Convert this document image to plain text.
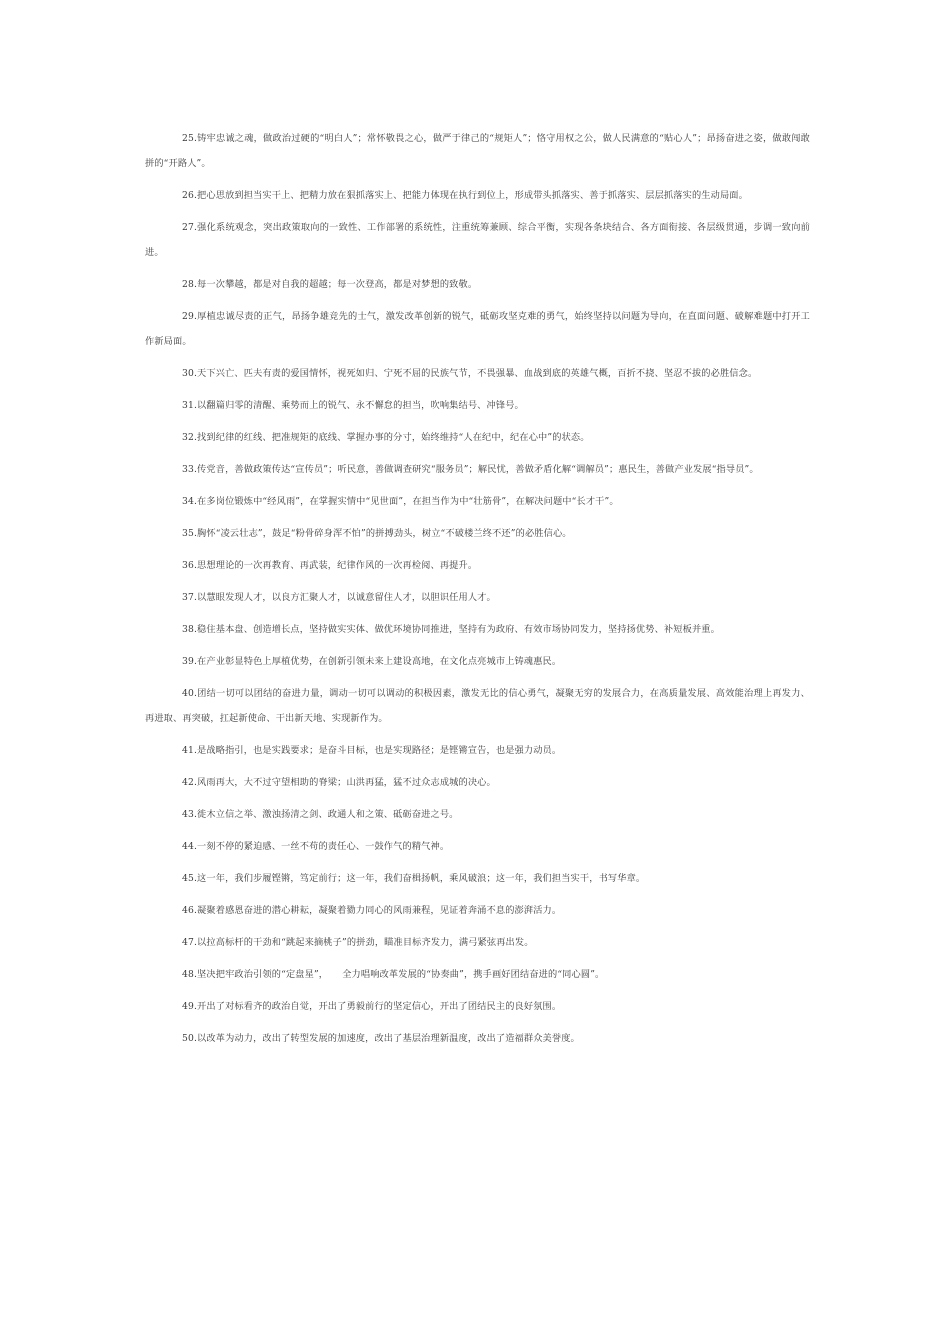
25.铸牢忠诚之魂，做政治过硬的“明白人”；常怀敬畏之心，做严于律己的“规矩人”；恪守用权之公，做人民满意的“贴心人”；昂扬奋进之姿，做敢闯敢拼的“开路人”。

26.把心思放到担当实干上、把精力放在狠抓落实上、把能力体现在执行到位上，形成带头抓落实、善于抓落实、层层抓落实的生动局面。

27.强化系统观念，突出政策取向的一致性、工作部署的系统性，注重统筹兼顾、综合平衡，实现各条块结合、各方面衔接、各层级贯通，步调一致向前进。

28.每一次攀越，都是对自我的超越；每一次登高，都是对梦想的致敬。

29.厚植忠诚尽责的正气，昂扬争雄竞先的士气，激发改革创新的锐气，砥砺攻坚克难的勇气，始终坚持以问题为导向，在直面问题、破解难题中打开工作新局面。

30.天下兴亡、匹夫有责的爱国情怀，视死如归、宁死不屈的民族气节，不畏强暴、血战到底的英雄气概，百折不挠、坚忍不拔的必胜信念。

31.以翻篇归零的清醒、乘势而上的锐气、永不懈怠的担当，吹响集结号、冲锋号。

32.找到纪律的红线、把准规矩的底线、掌握办事的分寸，始终维持“人在纪中，纪在心中”的状态。

33.传党音，善做政策传达“宣传员”；听民意，善做调查研究“服务员”；解民忧，善做矛盾化解“调解员”；惠民生，善做产业发展“指导员”。

34.在多岗位锻炼中“经风雨”，在掌握实情中“见世面”，在担当作为中“壮筋骨”，在解决问题中“长才干”。

35.胸怀“凌云壮志”，鼓足“粉骨碎身浑不怕”的拼搏劲头，树立“不破楼兰终不还”的必胜信心。

36.思想理论的一次再教育、再武装，纪律作风的一次再检阅、再提升。

37.以慧眼发现人才，以良方汇聚人才，以诚意留住人才，以胆识任用人才。

38.稳住基本盘、创造增长点，坚持做实实体、做优环境协同推进，坚持有为政府、有效市场协同发力，坚持扬优势、补短板并重。

39.在产业彰显特色上厚植优势，在创新引领未来上建设高地，在文化点亮城市上铸魂惠民。

40.团结一切可以团结的奋进力量，调动一切可以调动的积极因素，激发无比的信心勇气，凝聚无穷的发展合力，在高质量发展、高效能治理上再发力、再进取、再突破，扛起新使命、干出新天地、实现新作为。

41.是战略指引，也是实践要求；是奋斗目标，也是实现路径；是铿锵宣告，也是强力动员。

42.风雨再大，大不过守望相助的脊梁；山洪再猛，猛不过众志成城的决心。

43.徙木立信之举、激浊扬清之剑、政通人和之策、砥砺奋进之号。

44.一刻不停的紧迫感、一丝不苟的责任心、一鼓作气的精气神。

45.这一年，我们步履铿锵，笃定前行；这一年，我们奋楫扬帆，乘风破浪；这一年，我们担当实干，书写华章。

46.凝聚着感恩奋进的潜心耕耘，凝聚着勠力同心的风雨兼程，见证着奔涌不息的澎湃活力。

47.以拉高标杆的干劲和“跳起来摘桃子”的拼劲，瞄准目标齐发力，满弓紧弦再出发。

48.坚决把牢政治引领的“定盘星”，　　全力唱响改革发展的“协奏曲”，携手画好团结奋进的“同心圆”。

49.开出了对标看齐的政治自觉，开出了勇毅前行的坚定信心，开出了团结民主的良好氛围。

50.以改革为动力，改出了转型发展的加速度，改出了基层治理新温度，改出了造福群众美誉度。
